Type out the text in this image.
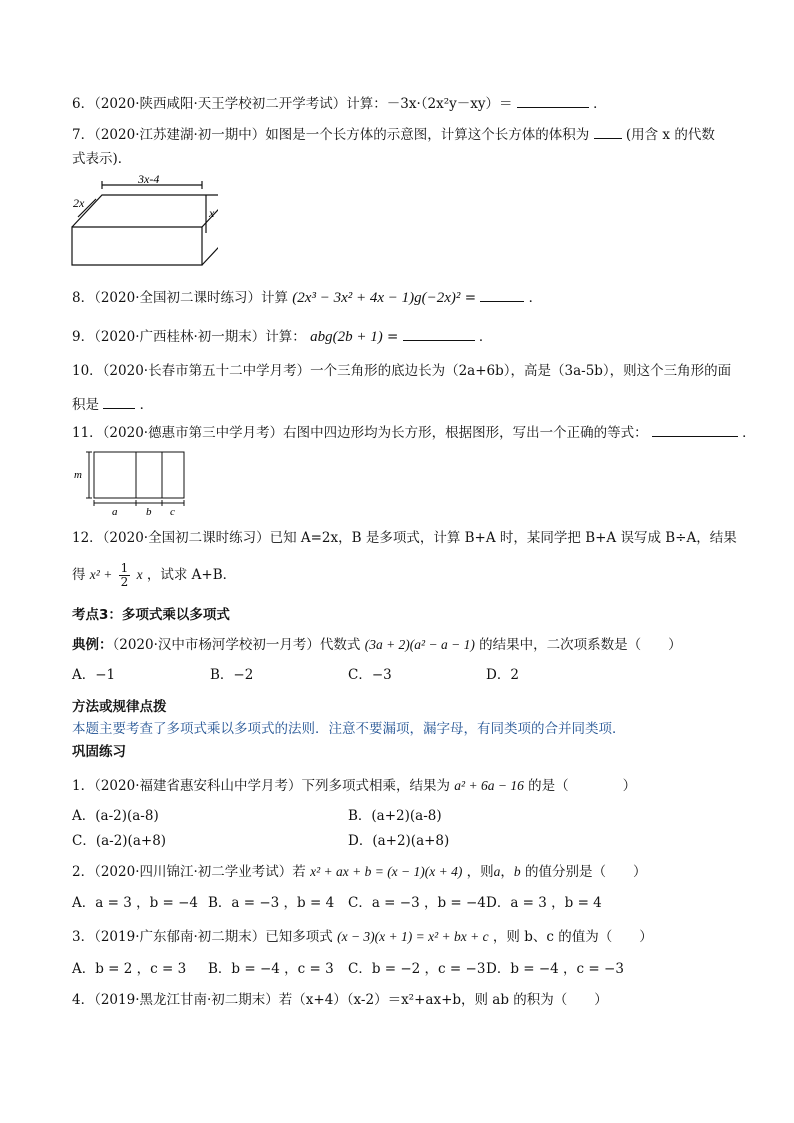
6．（2020·陕西咸阳·天王学校初二开学考试）计算：－3x·（2x²y－xy）＝	．
7．（2020·江苏建湖·初一期中）如图是一个长方体的示意图，计算这个长方体的体积为	(用含 x 的代数
式表示)．
3x-4
2x
x
8．（2020·全国初二课时练习）计算 (2x³ − 3x² + 4x − 1)g(−2x)² =	．
9．（2020·广西桂林·初一期末）计算： abg(2b + 1) =	．
10．（2020·长春市第五十二中学月考）一个三角形的底边长为（2a+6b），高是（3a-5b），则这个三角形的面
积是	．
11．（2020·德惠市第三中学月考）右图中四边形均为长方形，根据图形，写出一个正确的等式：	．
m
a	b c
12．（2020·全国初二课时练习）已知 A=2x，B 是多项式，计算 B+A 时，某同学把 B+A 误写成 B÷A，结果
得 $x^2 + \frac{1}{2}$ x ，试求 A+B．
考点3：多项式乘以多项式
典例：（2020·汉中市杨河学校初一月考）代数式 (3a + 2)(a² − a − 1) 的结果中，二次项系数是（　　）
A．−1	B．−2	C．−3	D．2
方法或规律点拨
本题主要考查了多项式乘以多项式的法则．注意不要漏项，漏字母，有同类项的合并同类项．
巩固练习
1．（2020·福建省惠安科山中学月考）下列多项式相乘，结果为 a² + 6a − 16 的是（　　　　）
A．(a-2)(a-8)	B．(a+2)(a-8)
C．(a-2)(a+8)	D．(a+2)(a+8)
2．（2020·四川锦江·初二学业考试）若 x² + ax + b = (x − 1)(x + 4) ，则a，b 的值分别是（　　）
A．a = 3 ，b = −4 B．a = −3 ，b = 4 C．a = −3 ，b = −4 D．a = 3 ，b = 4
3．（2019·广东郁南·初二期末）已知多项式 (x − 3)(x + 1) = x² + bx + c ，则 b、c 的值为（　　）
A．b = 2 ，c = 3 B．b = −4 ，c = 3 C．b = −2 ，c = −3 D．b = −4 ，c = −3
4．（2019·黑龙江甘南·初二期末）若（x+4）（x-2）＝x²+ax+b，则 ab 的积为（　　）
